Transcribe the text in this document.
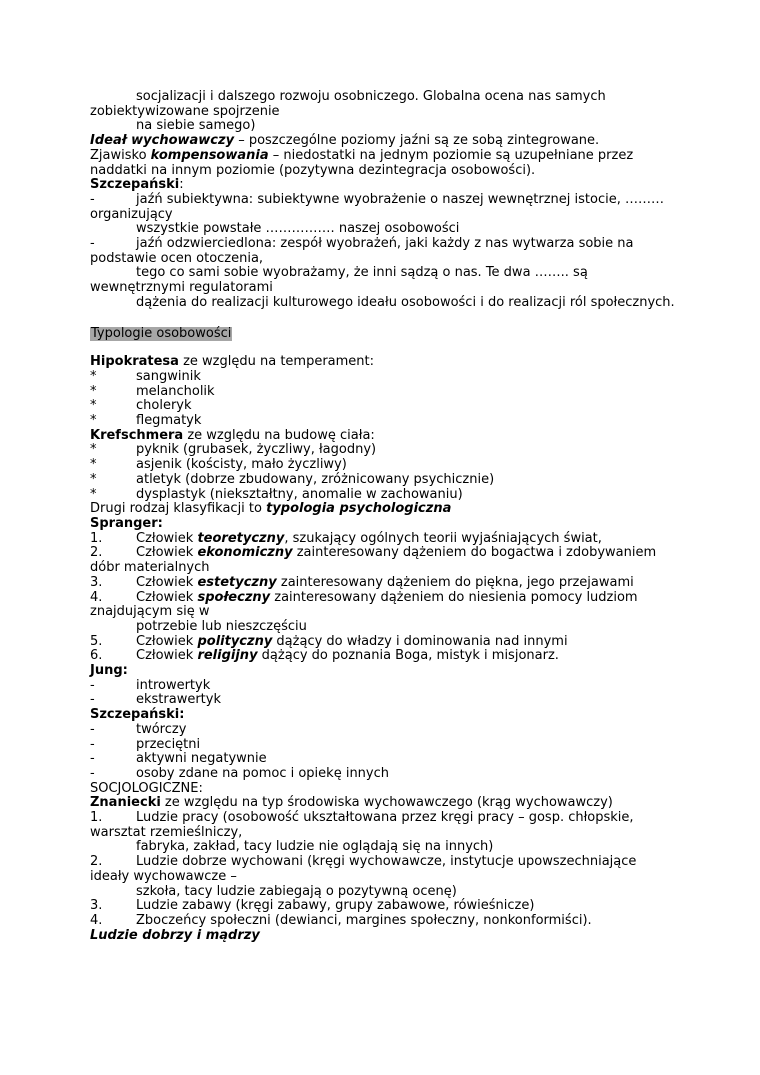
socjalizacji i dalszego rozwoju osobniczego. Globalna ocena nas samych
zobiektywizowane spojrzenie
na siebie samego)
Ideał wychowawczy – poszczególne poziomy jaźni są ze sobą zintegrowane.
Zjawisko kompensowania – niedostatki na jednym poziomie są uzupełniane przez
naddatki na innym poziomie (pozytywna dezintegracja osobowości).
Szczepański:
-	jaźń subiektywna: subiektywne wyobrażenie o naszej wewnętrznej istocie, ………
organizujący
wszystkie powstałe ……………. naszej osobowości
-	jaźń odzwierciedlona: zespół wyobrażeń, jaki każdy z nas wytwarza sobie na
podstawie ocen otoczenia,
tego co sami sobie wyobrażamy, że inni sądzą o nas. Te dwa …….. są
wewnętrznymi regulatorami
dążenia do realizacji kulturowego ideału osobowości i do realizacji ról społecznych.
Typologie osobowości
Hipokratesa ze względu na temperament:
*	sangwinik
*	melancholik
*	choleryk
*	flegmatyk
Krefschmera ze względu na budowę ciała:
*	pyknik (grubasek, życzliwy, łagodny)
*	asjenik (kościsty, mało życzliwy)
*	atletyk (dobrze zbudowany, zróżnicowany psychicznie)
*	dysplastyk (niekształtny, anomalie w zachowaniu)
Drugi rodzaj klasyfikacji to typologia psychologiczna
Spranger:
1.	Człowiek teoretyczny, szukający ogólnych teorii wyjaśniających świat,
2.	Człowiek ekonomiczny zainteresowany dążeniem do bogactwa i zdobywaniem
dóbr materialnych
3.	Człowiek estetyczny zainteresowany dążeniem do piękna, jego przejawami
4.	Człowiek społeczny zainteresowany dążeniem do niesienia pomocy ludziom
znajdującym się w
potrzebie lub nieszczęściu
5.	Człowiek polityczny dążący do władzy i dominowania nad innymi
6.	Człowiek religijny dążący do poznania Boga, mistyk i misjonarz.
Jung:
-	introwertyk
-	ekstrawertyk
Szczepański:
-	twórczy
-	przeciętni
-	aktywni negatywnie
-	osoby zdane na pomoc i opiekę innych
SOCJOLOGICZNE:
Znaniecki ze względu na typ środowiska wychowawczego (krąg wychowawczy)
1.	Ludzie pracy (osobowość ukształtowana przez kręgi pracy – gosp. chłopskie,
warsztat rzemieślniczy,
fabryka, zakład, tacy ludzie nie oglądają się na innych)
2.	Ludzie dobrze wychowani (kręgi wychowawcze, instytucje upowszechniające
ideały wychowawcze –
szkoła, tacy ludzie zabiegają o pozytywną ocenę)
3.	Ludzie zabawy (kręgi zabawy, grupy zabawowe, rówieśnicze)
4.	Zboczeńcy społeczni (dewianci, margines społeczny, nonkonformiści).
Ludzie dobrzy i mądrzy
